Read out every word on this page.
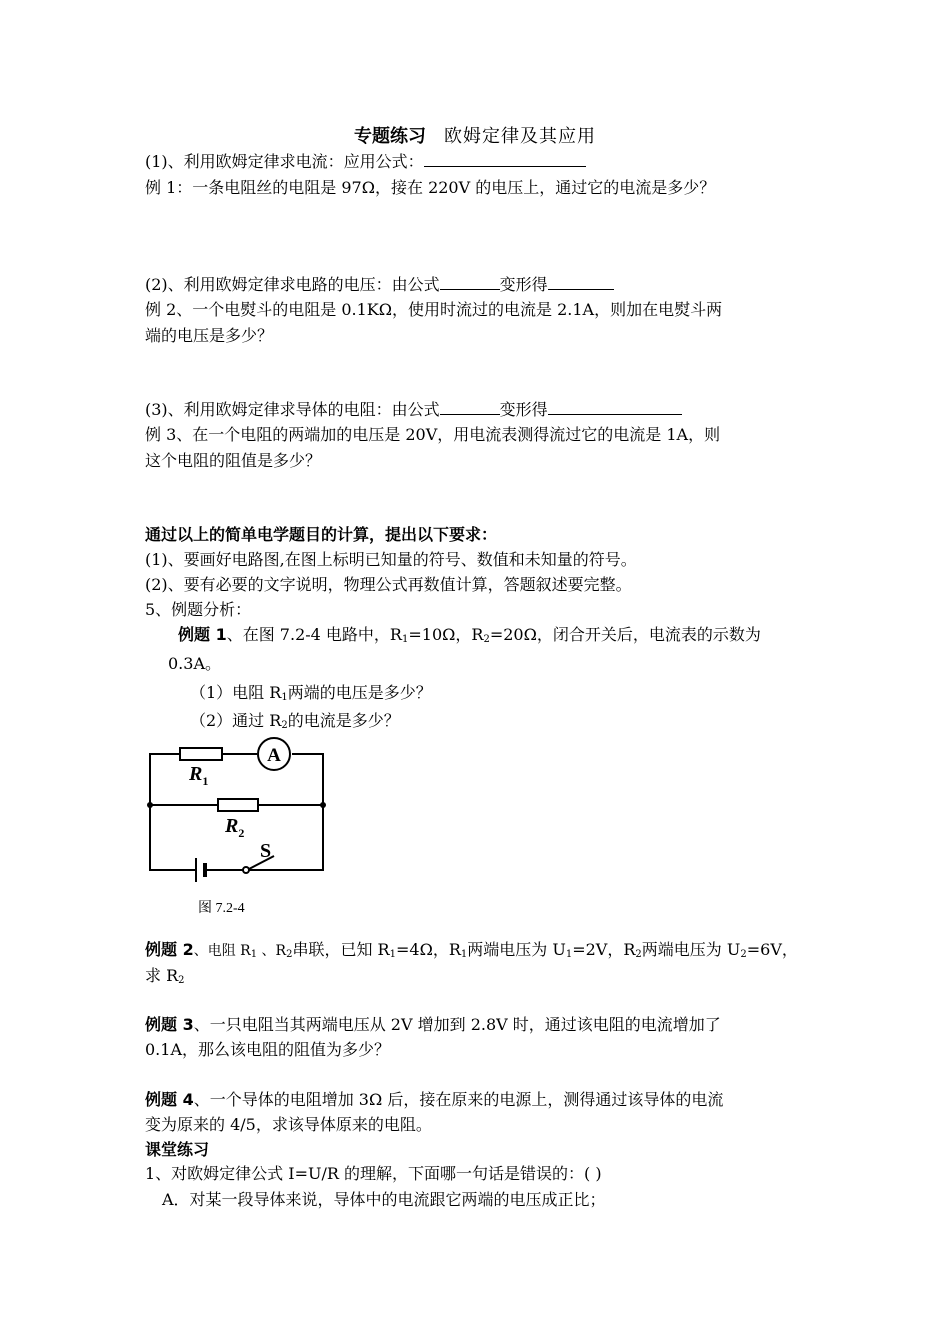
专题练习 欧姆定律及其应用
(1)、利用欧姆定律求电流：应用公式：
例 1：一条电阻丝的电阻是 97Ω，接在 220V 的电压上，通过它的电流是多少？
(2)、利用欧姆定律求电路的电压：由公式	变形得
例 2、一个电熨斗的电阻是 0.1KΩ，使用时流过的电流是 2.1A，则加在电熨斗两
端的电压是多少？
(3)、利用欧姆定律求导体的电阻：由公式	变形得
例 3、在一个电阻的两端加的电压是 20V，用电流表测得流过它的电流是 1A，则
这个电阻的阻值是多少？
通过以上的简单电学题目的计算，提出以下要求：
(1)、要画好电路图,在图上标明已知量的符号、数值和未知量的符号。
(2)、要有必要的文字说明，物理公式再数值计算，答题叙述要完整。
5、例题分析：
例题 1、在图 7.2-4 电路中，$R_1=10\Omega$，$R_2=20\Omega$，闭合开关后，电流表的示数为
0.3A。
（1）电阻 $R_1$两端的电压是多少？
（2）通过 $R_2$的电流是多少？
A
$R_1$
$R_2$
S
图 7.2-4
例题 2、电阻 $R_1$ 、$R_2$串联，已知 $R_1=4\Omega$，$R_1$两端电压为 $U_1=2V$，$R_2$两端电压为 $U_2=6V$，
求 $R_2$
例题 3、一只电阻当其两端电压从 2V 增加到 2.8V 时，通过该电阻的电流增加了
0.1A，那么该电阻的阻值为多少？
例题 4、一个导体的电阻增加 3Ω 后，接在原来的电源上，测得通过该导体的电流
变为原来的 4/5，求该导体原来的电阻。
课堂练习
1、对欧姆定律公式 I=U/R 的理解，下面哪一句话是错误的：( )
A．对某一段导体来说，导体中的电流跟它两端的电压成正比；
